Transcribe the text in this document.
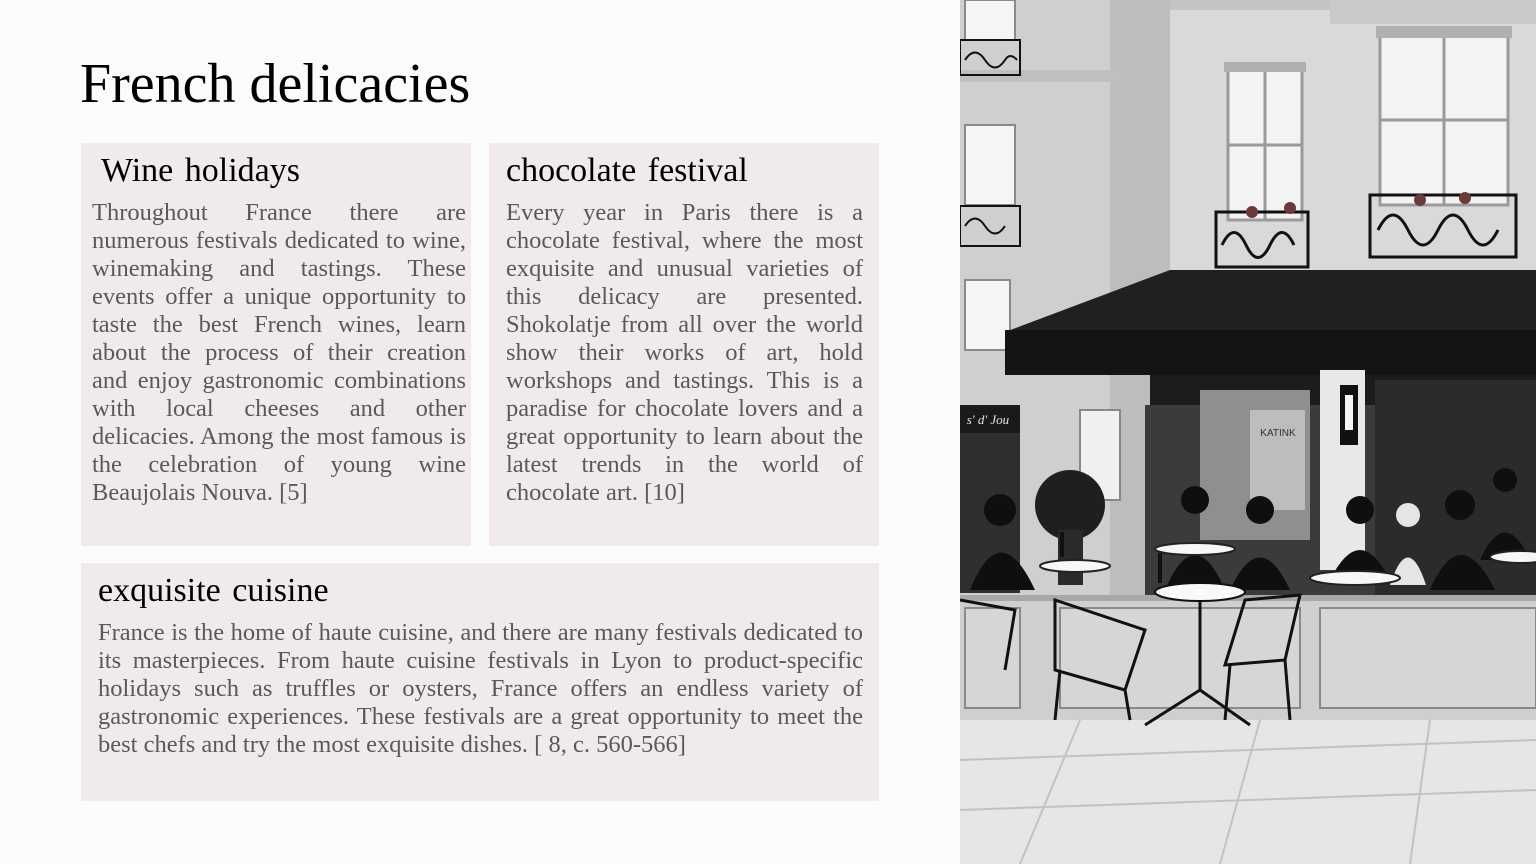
French delicacies
Wine holidays

Throughout France there are numerous festivals dedicated to wine, winemaking and tastings. These events offer a unique opportunity to taste the best French wines, learn about the process of their creation and enjoy gastronomic combinations with local cheeses and other delicacies. Among the most famous is the celebration of young wine Beaujolais Nouva. [5]

chocolate festival

Every year in Paris there is a chocolate festival, where the most exquisite and unusual varieties of this delicacy are presented. Shokolatje from all over the world show their works of art, hold workshops and tastings. This is a paradise for chocolate lovers and a great opportunity to learn about the latest trends in the world of chocolate art. [10]

exquisite cuisine

France is the home of haute cuisine, and there are many festivals dedicated to its masterpieces. From haute cuisine festivals in Lyon to product-specific holidays such as truffles or oysters, France offers an endless variety of gastronomic experiences. These festivals are a great opportunity to meet the best chefs and try the most exquisite dishes. [ 8, c. 560-566]

KATINK
s' d' Jou
